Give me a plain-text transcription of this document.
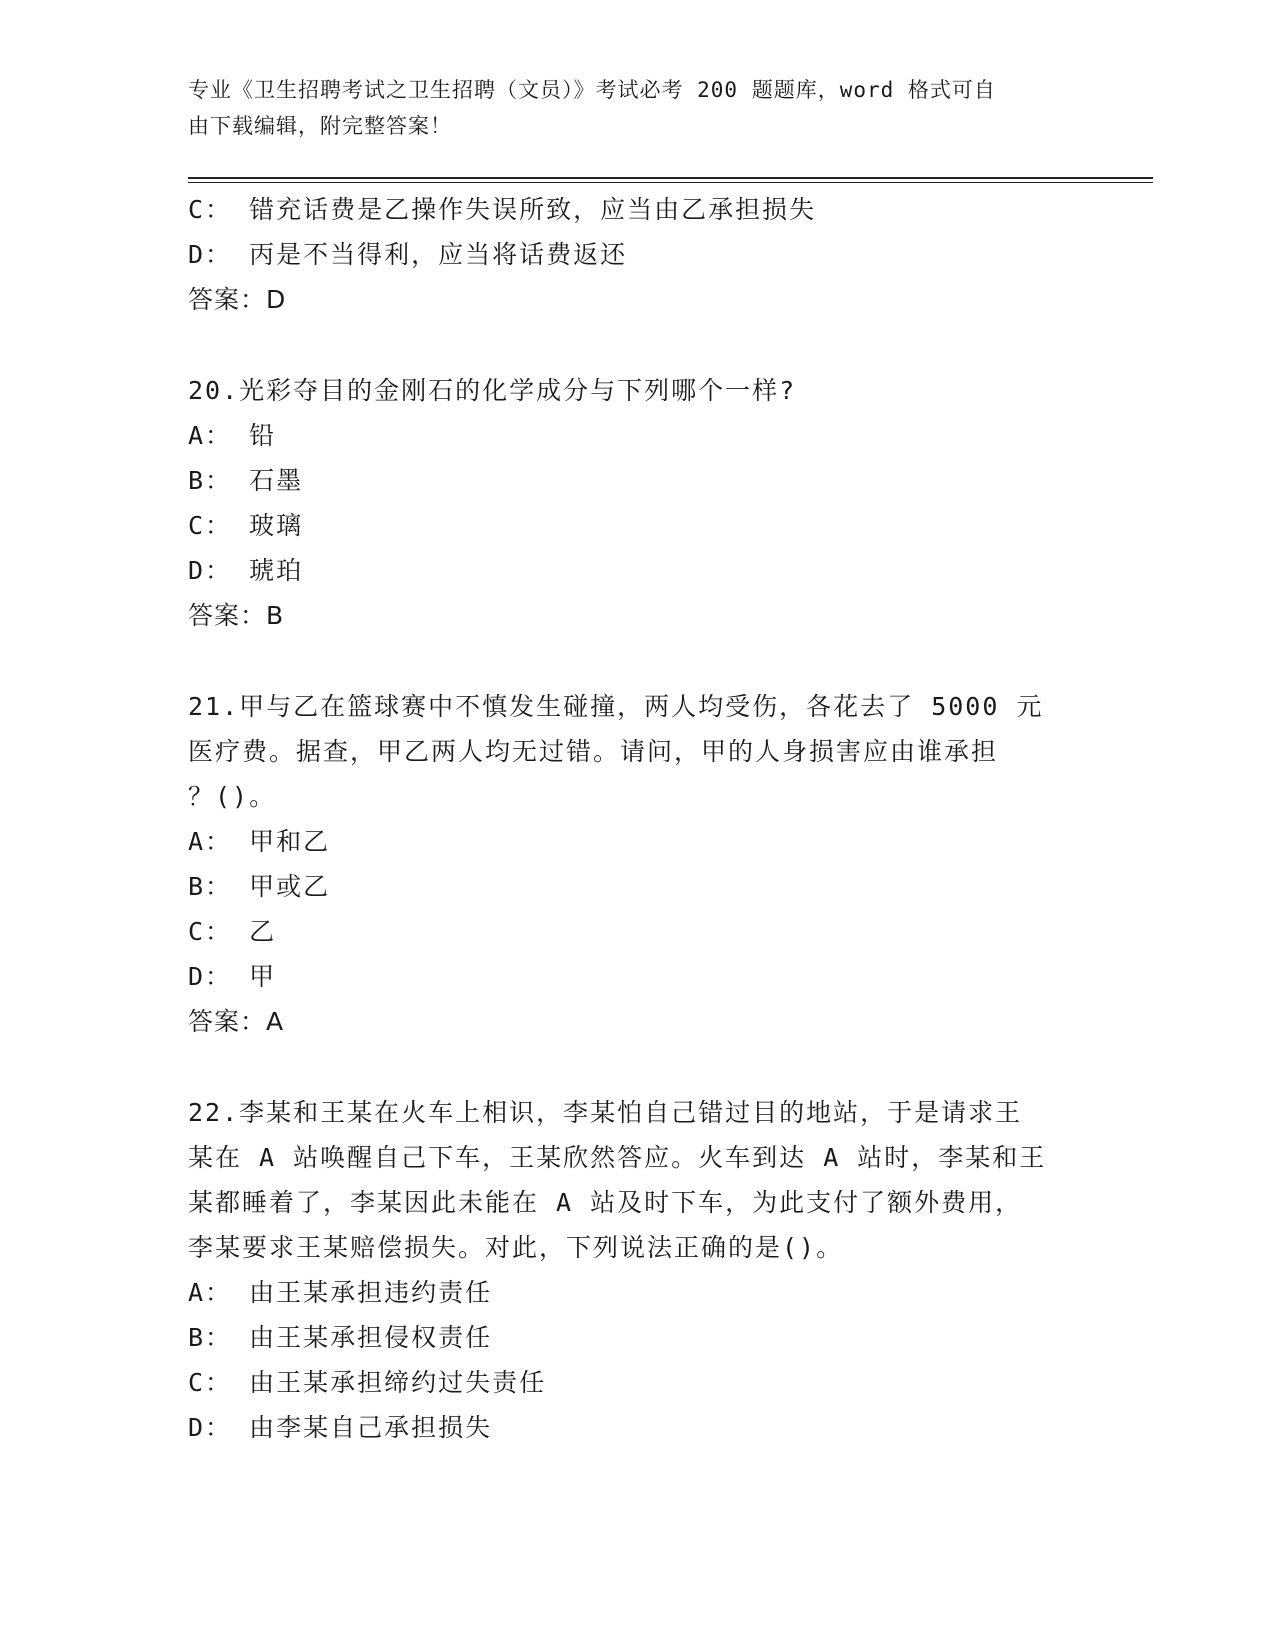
专业《卫生招聘考试之卫生招聘（文员）》考试必考 200 题题库，word 格式可自
由下载编辑，附完整答案！
C： 错充话费是乙操作失误所致，应当由乙承担损失
D： 丙是不当得利，应当将话费返还
答案：D
20.光彩夺目的金刚石的化学成分与下列哪个一样?
A： 铅
B： 石墨
C： 玻璃
D： 琥珀
答案：B
21.甲与乙在篮球赛中不慎发生碰撞，两人均受伤，各花去了 5000 元
医疗费。据查，甲乙两人均无过错。请问，甲的人身损害应由谁承担
？()。
A： 甲和乙
B： 甲或乙
C： 乙
D： 甲
答案：A
22.李某和王某在火车上相识，李某怕自己错过目的地站，于是请求王
某在 A 站唤醒自己下车，王某欣然答应。火车到达 A 站时，李某和王
某都睡着了，李某因此未能在 A 站及时下车，为此支付了额外费用，
李某要求王某赔偿损失。对此，下列说法正确的是()。
A： 由王某承担违约责任
B： 由王某承担侵权责任
C： 由王某承担缔约过失责任
D： 由李某自己承担损失
